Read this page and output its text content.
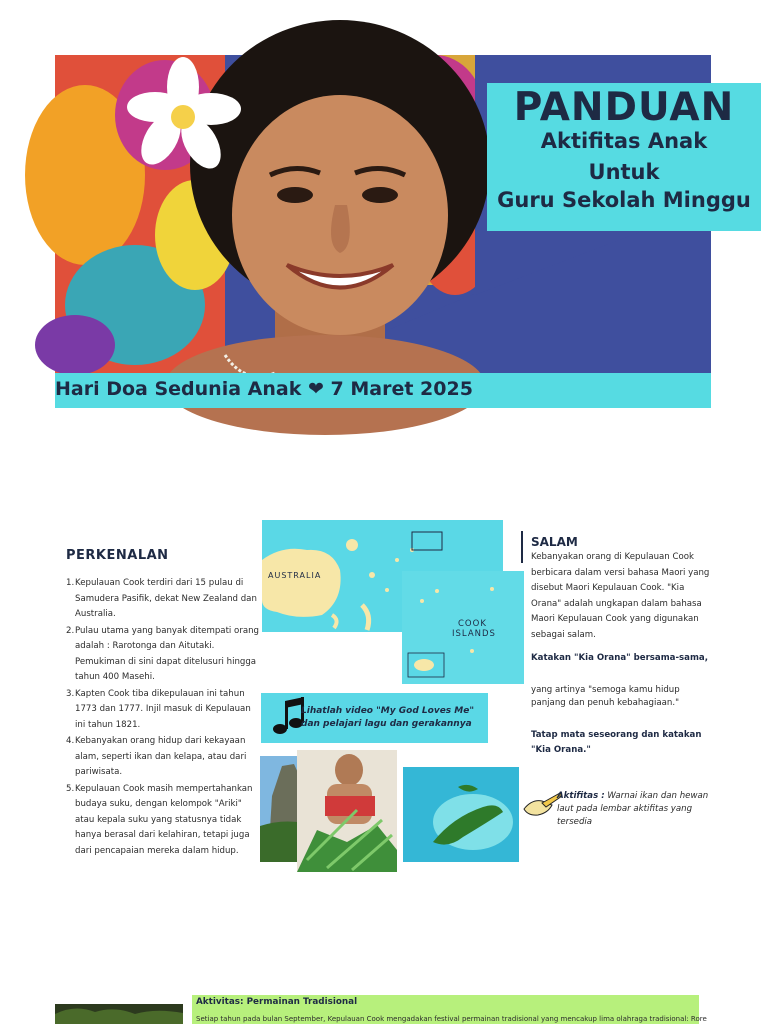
PANDUAN
Aktifitas Anak
Untuk
Guru Sekolah Minggu
Hari Doa Sedunia Anak ❤ 7 Maret 2025
PERKENALAN
1. Kepulauan Cook terdiri dari 15 pulau di Samudera Pasifik, dekat New Zealand dan Australia.
2. Pulau utama yang banyak ditempati orang adalah : Rarotonga dan Aitutaki. Pemukiman di sini dapat ditelusuri hingga tahun 400 Masehi.
3. Kapten Cook tiba dikepulauan ini tahun 1773 dan 1777. Injil masuk di Kepulauan ini tahun 1821.
4. Kebanyakan orang hidup dari kekayaan alam, seperti ikan dan kelapa, atau dari pariwisata.
5. Kepulauan Cook masih mempertahankan budaya suku, dengan kelompok "Ariki" atau kepala suku yang statusnya tidak hanya berasal dari kelahiran, tetapi juga dari pencapaian mereka dalam hidup.
AUSTRALIA
COOK
ISLANDS
Lihatlah video "My God Loves Me"
dan pelajari lagu dan gerakannya
SALAM
Kebanyakan orang di Kepulauan Cook berbicara dalam versi bahasa Maori yang disebut Maori Kepulauan Cook. "Kia Orana" adalah ungkapan dalam bahasa Maori Kepulauan Cook yang digunakan sebagai salam.
Katakan "Kia Orana" bersama-sama,
yang artinya "semoga kamu hidup panjang dan penuh kebahagiaan."
Tatap mata seseorang dan katakan "Kia Orana."
Aktifitas : Warnai ikan dan hewan laut pada lembar aktifitas yang tersedia
Aktivitas: Permainan Tradisional
Setiap tahun pada bulan September, Kepulauan Cook mengadakan festival permainan tradisional yang mencakup lima olahraga tradisional: Rore
